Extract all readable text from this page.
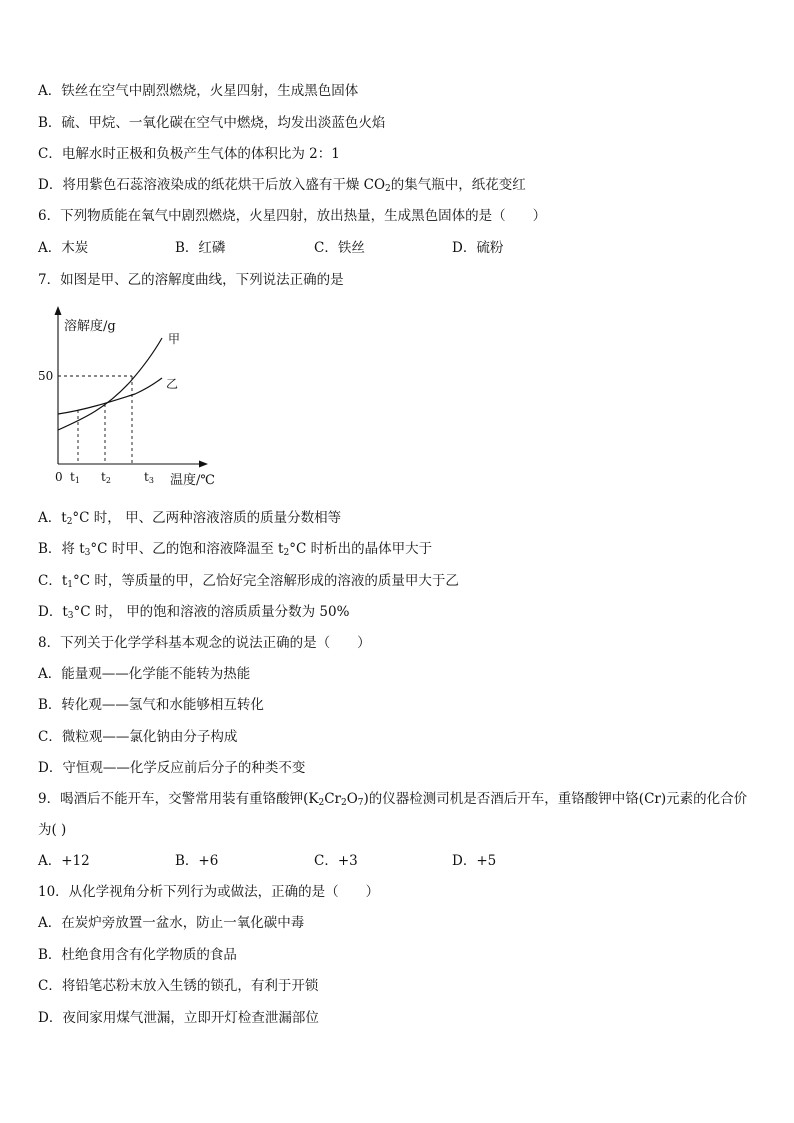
A．铁丝在空气中剧烈燃烧，火星四射，生成黑色固体
B．硫、甲烷、一氧化碳在空气中燃烧，均发出淡蓝色火焰
C．电解水时正极和负极产生气体的体积比为 2：1
D．将用紫色石蕊溶液染成的纸花烘干后放入盛有干燥 $CO_2$的集气瓶中，纸花变红
6．下列物质能在氧气中剧烈燃烧，火星四射，放出热量，生成黑色固体的是（　　）
A．木炭	B．红磷	C．铁丝	D．硫粉
7．如图是甲、乙的溶解度曲线，下列说法正确的是
溶解度/g
50
甲
乙
0 t1 t2	t3 温度/℃
A．$t_2^\circ C$ 时， 甲、乙两种溶液溶质的质量分数相等
B．将 $t_3^\circ C$ 时甲、乙的饱和溶液降温至 $t_2^\circ C$ 时析出的晶体甲大于
C．$t_1^\circ C$ 时，等质量的甲，乙恰好完全溶解形成的溶液的质量甲大于乙
D．$t_3^\circ C$ 时， 甲的饱和溶液的溶质质量分数为 50%
8．下列关于化学学科基本观念的说法正确的是（　　）
A．能量观——化学能不能转为热能
B．转化观——氢气和水能够相互转化
C．微粒观——氯化钠由分子构成
D．守恒观——化学反应前后分子的种类不变
9．喝酒后不能开车，交警常用装有重铬酸钾$(K_2Cr_2O_7)$的仪器检测司机是否酒后开车，重铬酸钾中铬(Cr)元素的化合价
为( )
A．+12	B．+6	C．+3	D．+5
10．从化学视角分析下列行为或做法，正确的是（　　）
A．在炭炉旁放置一盆水，防止一氧化碳中毒
B．杜绝食用含有化学物质的食品
C．将铅笔芯粉末放入生锈的锁孔，有利于开锁
D．夜间家用煤气泄漏，立即开灯检查泄漏部位
